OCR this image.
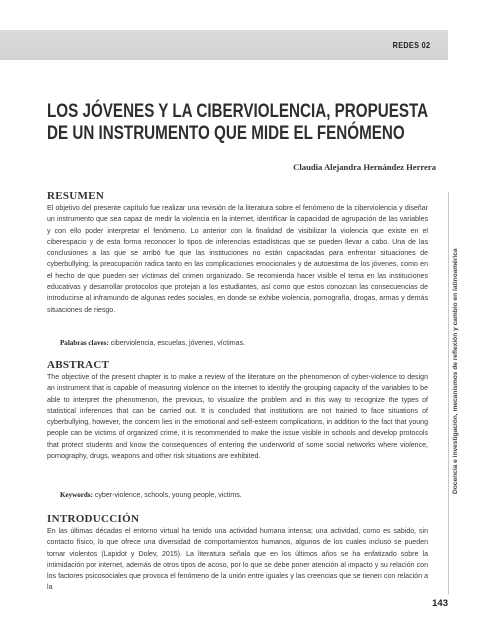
REDES 02
LOS JÓVENES Y LA CIBERVIOLENCIA, PROPUESTA DE UN INSTRUMENTO QUE MIDE EL FENÓMENO
Claudia Alejandra Hernández Herrera
RESUMEN

El objetivo del presente capítulo fue realizar una revisión de la literatura sobre el fenómeno de la ciberviolencia y diseñar un instrumento que sea capaz de medir la violencia en la internet, identificar la capacidad de agrupación de las variables y con ello poder interpretar el fenómeno. Lo anterior con la finalidad de visibilizar la violencia que existe en el ciberespacio y de esta forma reconocer lo tipos de inferencias estadísticas que se pueden llevar a cabo. Una de las conclusiones a las que se arribó fue que las instituciones no están capacitadas para enfrentar situaciones de cyberbullying; la preocupación radica tanto en las complicaciones emocionales y de autoestima de los jóvenes, como en el hecho de que pueden ser víctimas del crimen organizado. Se recomienda hacer visible el tema en las instituciones educativas y desarrollar protocolos que protejan a los estudiantes, así como que estos conozcan las consecuencias de introducirse al inframundo de algunas redes sociales, en donde se exhibe violencia, pornografía, drogas, armas y demás situaciones de riesgo.

Palabras claves: ciberviolencia, escuelas, jóvenes, víctimas.

ABSTRACT

The objective of the present chapter is to make a review of the literature on the phenomenon of cyber-violence to design an instrument that is capable of measuring violence on the internet to identify the grouping capacity of the variables to be able to interpret the phenomenon, the previous, to visualize the problem and in this way to recognize the types of statistical inferences that can be carried out. It is concluded that institutions are not trained to face situations of cyberbullying, however, the concern lies in the emotional and self-esteem complications, in addition to the fact that young people can be victims of organized crime, it is recommended to make the issue visible in schools and develop protocols that protect students and know the consequences of entering the underworld of some social networks where violence, pornography, drugs, weapons and other risk situations are exhibited.

Keywords: cyber-violence, schools, young people, victims.

INTRODUCCIÓN

En las últimas décadas el entorno virtual ha tenido una actividad humana intensa; una actividad, como es sabido, sin contacto físico, lo que ofrece una diversidad de comportamientos humanos, algunos de los cuales incluso se pueden tornar violentos (Lapidot y Dolev, 2015). La literatura señala que en los últimos años se ha enfatizado sobre la intimidación por internet, además de otros tipos de acoso, por lo que se debe poner atención al impacto y su relación con los factores psicosociales que provoca el fenómeno de la unión entre iguales y las creencias que se tienen con relación a la

Docencia e investigación, mecanismos de reflexión y cambio en latinoamérica
143
